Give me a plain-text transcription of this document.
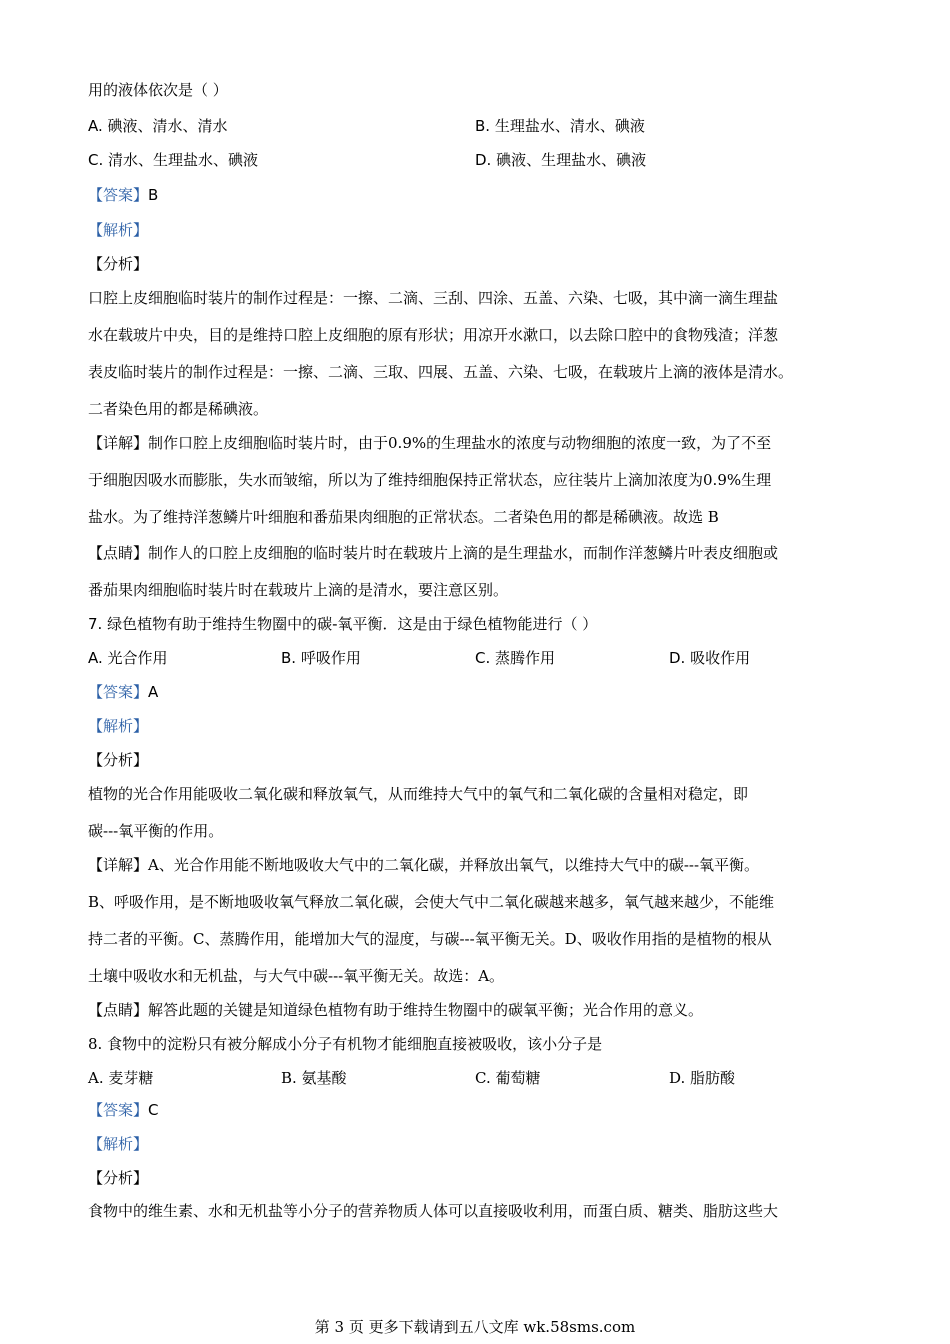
用的液体依次是（ ）
A. 碘液、清水、清水	B. 生理盐水、清水、碘液
C. 清水、生理盐水、碘液	D. 碘液、生理盐水、碘液
【答案】B
【解析】
【分析】
口腔上皮细胞临时装片的制作过程是：一擦、二滴、三刮、四涂、五盖、六染、七吸，其中滴一滴生理盐
水在载玻片中央，目的是维持口腔上皮细胞的原有形状；用凉开水漱口，以去除口腔中的食物残渣；洋葱
表皮临时装片的制作过程是：一擦、二滴、三取、四展、五盖、六染、七吸，在载玻片上滴的液体是清水。
二者染色用的都是稀碘液。
【详解】制作口腔上皮细胞临时装片时，由于0.9%的生理盐水的浓度与动物细胞的浓度一致，为了不至
于细胞因吸水而膨胀，失水而皱缩，所以为了维持细胞保持正常状态，应往装片上滴加浓度为0.9%生理
盐水。为了维持洋葱鳞片叶细胞和番茄果肉细胞的正常状态。二者染色用的都是稀碘液。故选 B
【点睛】制作人的口腔上皮细胞的临时装片时在载玻片上滴的是生理盐水，而制作洋葱鳞片叶表皮细胞或
番茄果肉细胞临时装片时在载玻片上滴的是清水，要注意区别。
7. 绿色植物有助于维持生物圈中的碳-氧平衡．这是由于绿色植物能进行（ ）
A. 光合作用	B. 呼吸作用	C. 蒸腾作用	D. 吸收作用
【答案】A
【解析】
【分析】
植物的光合作用能吸收二氧化碳和释放氧气，从而维持大气中的氧气和二氧化碳的含量相对稳定，即
碳---氧平衡的作用。
【详解】A、光合作用能不断地吸收大气中的二氧化碳，并释放出氧气，以维持大气中的碳---氧平衡。
B、呼吸作用，是不断地吸收氧气释放二氧化碳，会使大气中二氧化碳越来越多，氧气越来越少，不能维
持二者的平衡。C、蒸腾作用，能增加大气的湿度，与碳---氧平衡无关。D、吸收作用指的是植物的根从
土壤中吸收水和无机盐，与大气中碳---氧平衡无关。故选：A。
【点睛】解答此题的关键是知道绿色植物有助于维持生物圈中的碳氧平衡；光合作用的意义。
8. 食物中的淀粉只有被分解成小分子有机物才能细胞直接被吸收，该小分子是
A. 麦芽糖	B. 氨基酸	C. 葡萄糖	D. 脂肪酸
【答案】C
【解析】
【分析】
食物中的维生素、水和无机盐等小分子的营养物质人体可以直接吸收利用，而蛋白质、糖类、脂肪这些大
第 3 页 更多下载请到五八文库 wk.58sms.com
